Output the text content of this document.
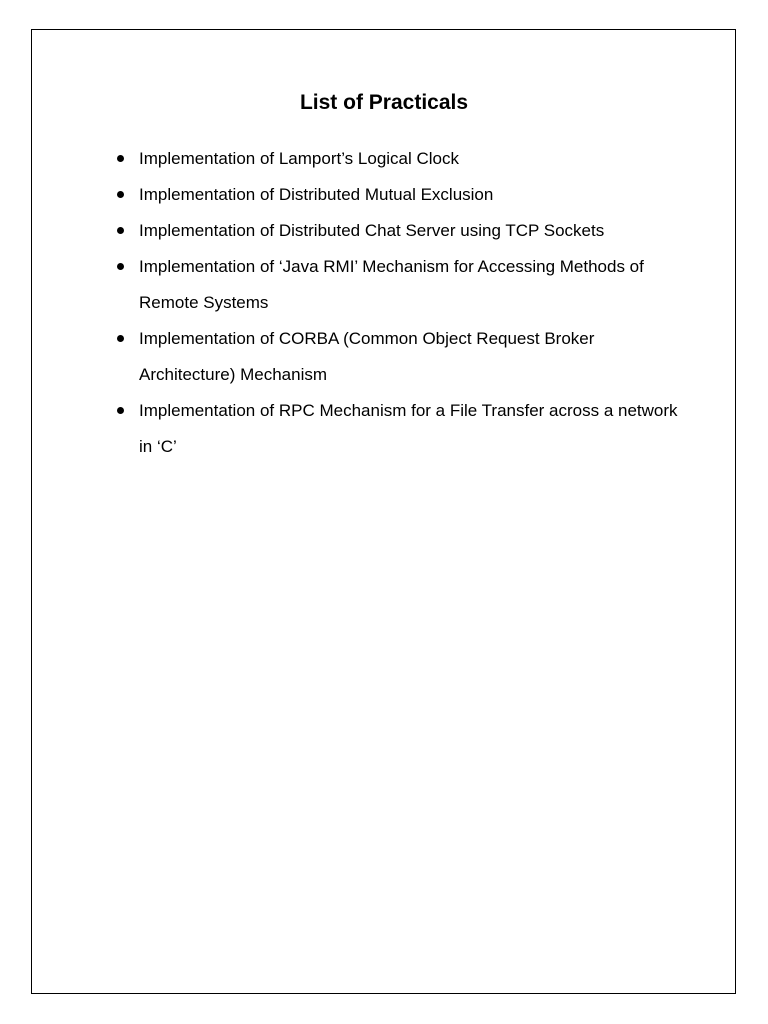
List of Practicals
Implementation of Lamport’s Logical Clock
Implementation of Distributed Mutual Exclusion
Implementation of Distributed Chat Server using TCP Sockets
Implementation of ‘Java RMI’ Mechanism for Accessing Methods of Remote Systems
Implementation of CORBA (Common Object Request Broker Architecture) Mechanism
Implementation of RPC Mechanism for a File Transfer across a network in ‘C’
